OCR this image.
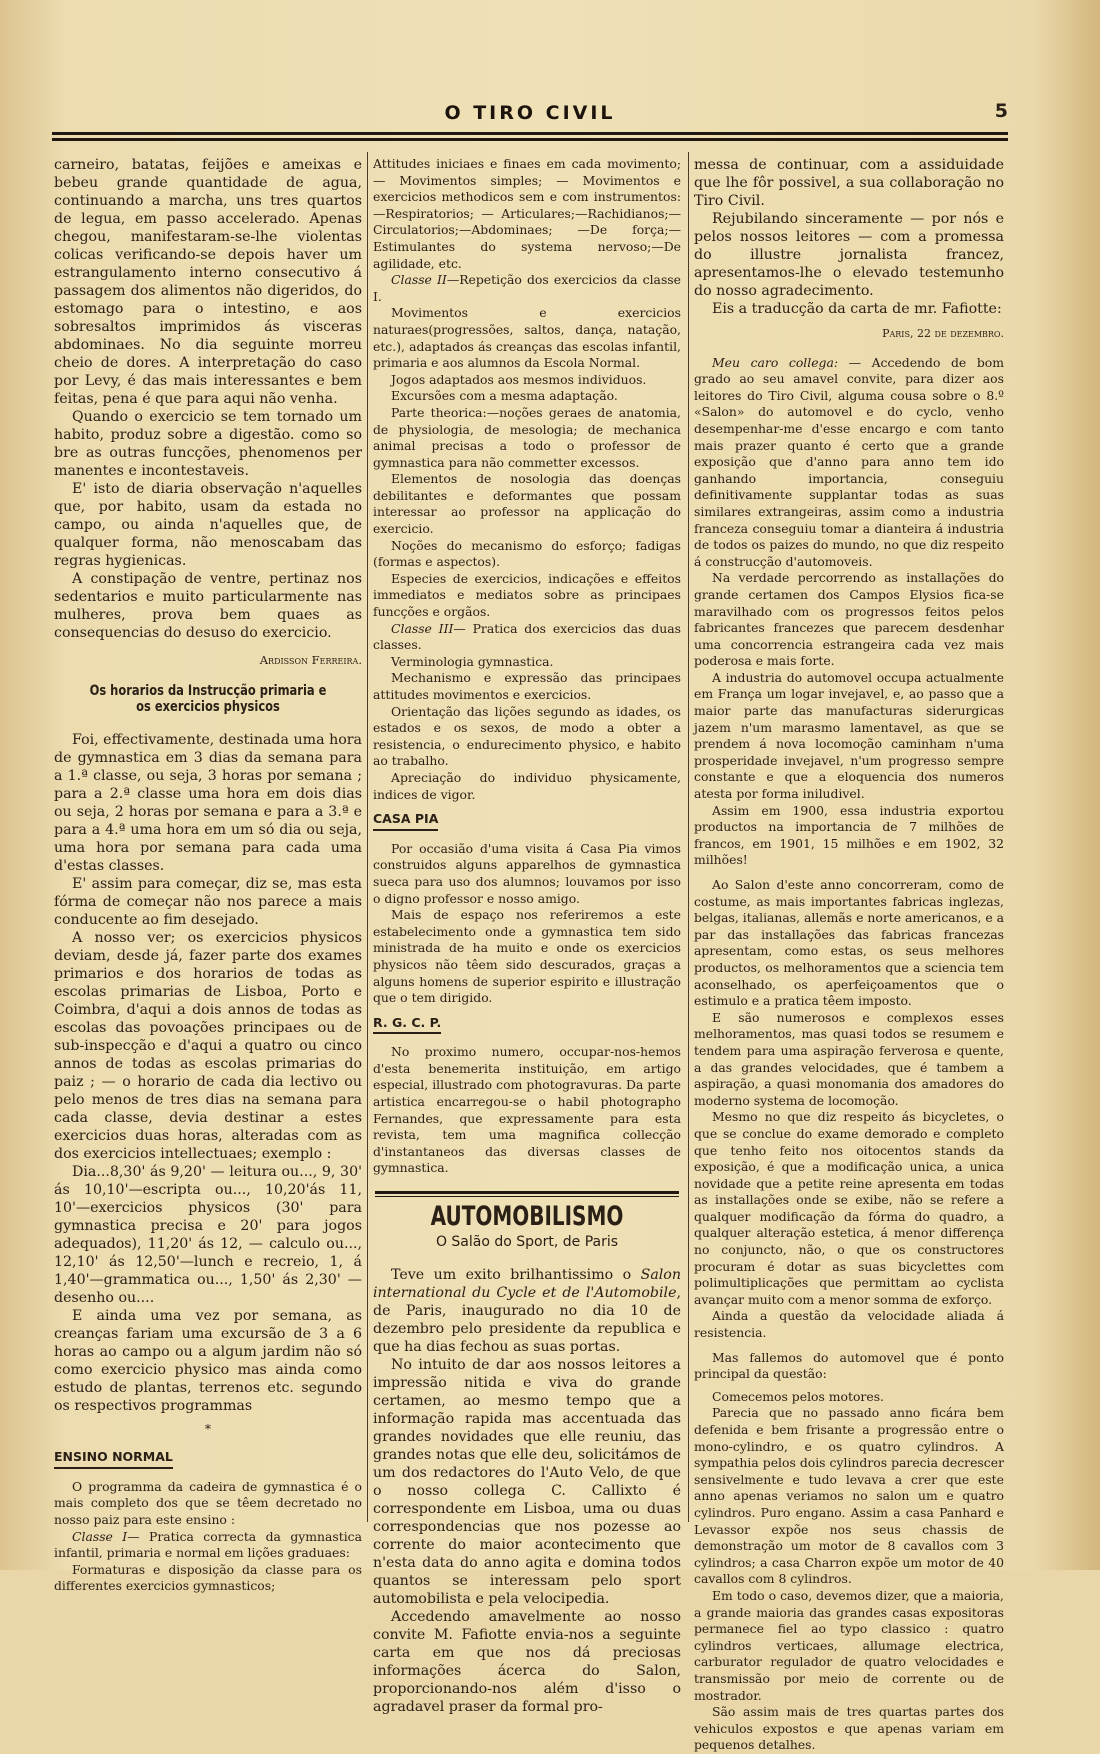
O TIRO CIVIL	5

carneiro, batatas, feijões e ameixas e bebeu grande quantidade de agua, continuando a marcha, uns tres quartos de legua, em passo accelerado. Apenas chegou, manifestaram-se-lhe violentas colicas verificando-se depois haver um estrangulamento interno consecutivo á passagem dos alimentos não digeridos, do estomago para o intestino, e aos sobresaltos imprimidos ás visceras abdominaes. No dia seguinte morreu cheio de dores. A interpretação do caso por Levy, é das mais interessantes e bem feitas, pena é que para aqui não venha.

Quando o exercicio se tem tornado um habito, produz sobre a digestão. como so bre as outras funcções, phenomenos per manentes e incontestaveis.

E' isto de diaria observação n'aquelles que, por habito, usam da estada no campo, ou ainda n'aquelles que, de qualquer forma, não menoscabam das regras hygienicas.

A constipação de ventre, pertinaz nos sedentarios e muito particularmente nas mulheres, prova bem quaes as consequencias do desuso do exercicio.

Ardisson Ferreira.
Os horarios da Instrucção primaria e os exercicios physicos

Foi, effectivamente, destinada uma hora de gymnastica em 3 dias da semana para a 1.ª classe, ou seja, 3 horas por semana ; para a 2.ª classe uma hora em dois dias ou seja, 2 horas por semana e para a 3.ª e para a 4.ª uma hora em um só dia ou seja, uma hora por semana para cada uma d'estas classes.

E' assim para começar, diz se, mas esta fórma de começar não nos parece a mais conducente ao fim desejado.

A nosso ver; os exercicios physicos deviam, desde já, fazer parte dos exames primarios e dos horarios de todas as escolas primarias de Lisboa, Porto e Coimbra, d'aqui a dois annos de todas as escolas das povoações principaes ou de sub-inspecção e d'aqui a quatro ou cinco annos de todas as escolas primarias do paiz ; — o horario de cada dia lectivo ou pelo menos de tres dias na semana para cada classe, devia destinar a estes exercicios duas horas, alteradas com as dos exercicios intellectuaes; exemplo :

Dia...8,30' ás 9,20' — leitura ou..., 9, 30' ás 10,10'—escripta ou..., 10,20'ás 11, 10'—exercicios physicos (30' para gymnastica precisa e 20' para jogos adequados), 11,20' ás 12, — calculo ou..., 12,10' ás 12,50'—lunch e recreio, 1, á 1,40'—grammatica ou..., 1,50' ás 2,30' —desenho ou....

E ainda uma vez por semana, as creanças fariam uma excursão de 3 a 6 horas ao campo ou a algum jardim não só como exercicio physico mas ainda como estudo de plantas, terrenos etc. segundo os respectivos programmas

*
ENSINO NORMAL

O programma da cadeira de gymnastica é o mais completo dos que se têem decretado no nosso paiz para este ensino :

Classe I— Pratica correcta da gymnastica infantil, primaria e normal em lições graduaes:

Formaturas e disposição da classe para os differentes exercicios gymnasticos;

Attitudes iniciaes e finaes em cada movimento; — Movimentos simples; — Movimentos e exercicios methodicos sem e com instrumentos:—Respiratorios; — Articulares;—Rachidianos;—Circulatorios;—Abdominaes; —De força;—Estimulantes do systema nervoso;—De agilidade, etc.

Classe II—Repetição dos exercicios da classe I.

Movimentos e exercicios naturaes(progressões, saltos, dança, natação, etc.), adaptados ás creanças das escolas infantil, primaria e aos alumnos da Escola Normal.

Jogos adaptados aos mesmos individuos.

Excursões com a mesma adaptação.

Parte theorica:—noções geraes de anatomia, de physiologia, de mesologia; de mechanica animal precisas a todo o professor de gymnastica para não commetter excessos.

Elementos de nosologia das doenças debilitantes e deformantes que possam interessar ao professor na applicação do exercicio.

Noções do mecanismo do esforço; fadigas (formas e aspectos).

Especies de exercicios, indicações e effeitos immediatos e mediatos sobre as principaes funcções e orgãos.

Classe III— Pratica dos exercicios das duas classes.

Verminologia gymnastica.

Mechanismo e expressão das principaes attitudes movimentos e exercicios.

Orientação das lições segundo as idades, os estados e os sexos, de modo a obter a resistencia, o endurecimento physico, e habito ao trabalho.

Apreciação do individuo physicamente, indices de vigor.

CASA PIA

Por occasião d'uma visita á Casa Pia vimos construidos alguns apparelhos de gymnastica sueca para uso dos alumnos; louvamos por isso o digno professor e nosso amigo.

Mais de espaço nos referiremos a este estabelecimento onde a gymnastica tem sido ministrada de ha muito e onde os exercicios physicos não têem sido descurados, graças a alguns homens de superior espirito e illustração que o tem dirigido.

R. G. C. P.

No proximo numero, occupar-nos-hemos d'esta benemerita instituição, em artigo especial, illustrado com photogravuras. Da parte artistica encarregou-se o habil photographo Fernandes, que expressamente para esta revista, tem uma magnifica collecção d'instantaneos das diversas classes de gymnastica.

AUTOMOBILISMO
O Salão do Sport, de Paris

Teve um exito brilhantissimo o Salon international du Cycle et de l'Automobile, de Paris, inaugurado no dia 10 de dezembro pelo presidente da republica e que ha dias fechou as suas portas.

No intuito de dar aos nossos leitores a impressão nitida e viva do grande certamen, ao mesmo tempo que a informação rapida mas accentuada das grandes novidades que elle reuniu, das grandes notas que elle deu, solicitámos de um dos redactores do l'Auto Velo, de que o nosso collega C. Callixto é correspondente em Lisboa, uma ou duas correspondencias que nos pozesse ao corrente do maior acontecimento que n'esta data do anno agita e domina todos quantos se interessam pelo sport automobilista e pela velocipedia.

Accedendo amavelmente ao nosso convite M. Fafiotte envia-nos a seguinte carta em que nos dá preciosas informações ácerca do Salon, proporcionando-nos além d'isso o agradavel praser da formal pro-

messa de continuar, com a assiduidade que lhe fôr possivel, a sua collaboração no Tiro Civil.

Rejubilando sinceramente — por nós e pelos nossos leitores — com a promessa do illustre jornalista francez, apresentamos-lhe o elevado testemunho do nosso agradecimento.

Eis a traducção da carta de mr. Fafiotte:

Paris, 22 de dezembro.

Meu caro collega: — Accedendo de bom grado ao seu amavel convite, para dizer aos leitores do Tiro Civil, alguma cousa sobre o 8.º «Salon» do automovel e do cyclo, venho desempenhar-me d'esse encargo e com tanto mais prazer quanto é certo que a grande exposição que d'anno para anno tem ido ganhando importancia, conseguiu definitivamente supplantar todas as suas similares extrangeiras, assim como a industria franceza conseguiu tomar a dianteira á industria de todos os paizes do mundo, no que diz respeito á construcção d'automoveis.

Na verdade percorrendo as installações do grande certamen dos Campos Elysios fica-se maravilhado com os progressos feitos pelos fabricantes francezes que parecem desdenhar uma concorrencia estrangeira cada vez mais poderosa e mais forte.

A industria do automovel occupa actualmente em França um logar invejavel, e, ao passo que a maior parte das manufacturas siderurgicas jazem n'um marasmo lamentavel, as que se prendem á nova locomoção caminham n'uma prosperidade invejavel, n'um progresso sempre constante e que a eloquencia dos numeros atesta por forma iniludivel.

Assim em 1900, essa industria exportou productos na importancia de 7 milhões de francos, em 1901, 15 milhões e em 1902, 32 milhões!

Ao Salon d'este anno concorreram, como de costume, as mais importantes fabricas inglezas, belgas, italianas, allemãs e norte americanos, e a par das installações das fabricas francezas apresentam, como estas, os seus melhores productos, os melhoramentos que a sciencia tem aconselhado, os aperfeiçoamentos que o estimulo e a pratica têem imposto.

E são numerosos e complexos esses melhoramentos, mas quasi todos se resumem e tendem para uma aspiração ferverosa e quente, a das grandes velocidades, que é tambem a aspiração, a quasi monomania dos amadores do moderno systema de locomoção.

Mesmo no que diz respeito ás bicycletes, o que se conclue do exame demorado e completo que tenho feito nos oitocentos stands da exposição, é que a modificação unica, a unica novidade que a petite reine apresenta em todas as installações onde se exibe, não se refere a qualquer modificação da fórma do quadro, a qualquer alteração estetica, á menor differença no conjuncto, não, o que os constructores procuram é dotar as suas bicyclettes com polimultiplicações que permittam ao cyclista avançar muito com a menor somma de exforço.

Ainda a questão da velocidade aliada á resistencia.

Mas fallemos do automovel que é ponto principal da questão:

Comecemos pelos motores.

Parecia que no passado anno ficára bem defenida e bem frisante a progressão entre o mono-cylindro, e os quatro cylindros. A sympathia pelos dois cylindros parecia decrescer sensivelmente e tudo levava a crer que este anno apenas veriamos no salon um e quatro cylindros. Puro engano. Assim a casa Panhard e Levassor expõe nos seus chassis de demonstração um motor de 8 cavallos com 3 cylindros; a casa Charron expõe um motor de 40 cavallos com 8 cylindros.

Em todo o caso, devemos dizer, que a maioria, a grande maioria das grandes casas expositoras permanece fiel ao typo classico : quatro cylindros verticaes, allumage electrica, carburator regulador de quatro velocidades e transmissão por meio de corrente ou de mostrador.

São assim mais de tres quartas partes dos vehiculos expostos e que apenas variam em pequenos detalhes.
